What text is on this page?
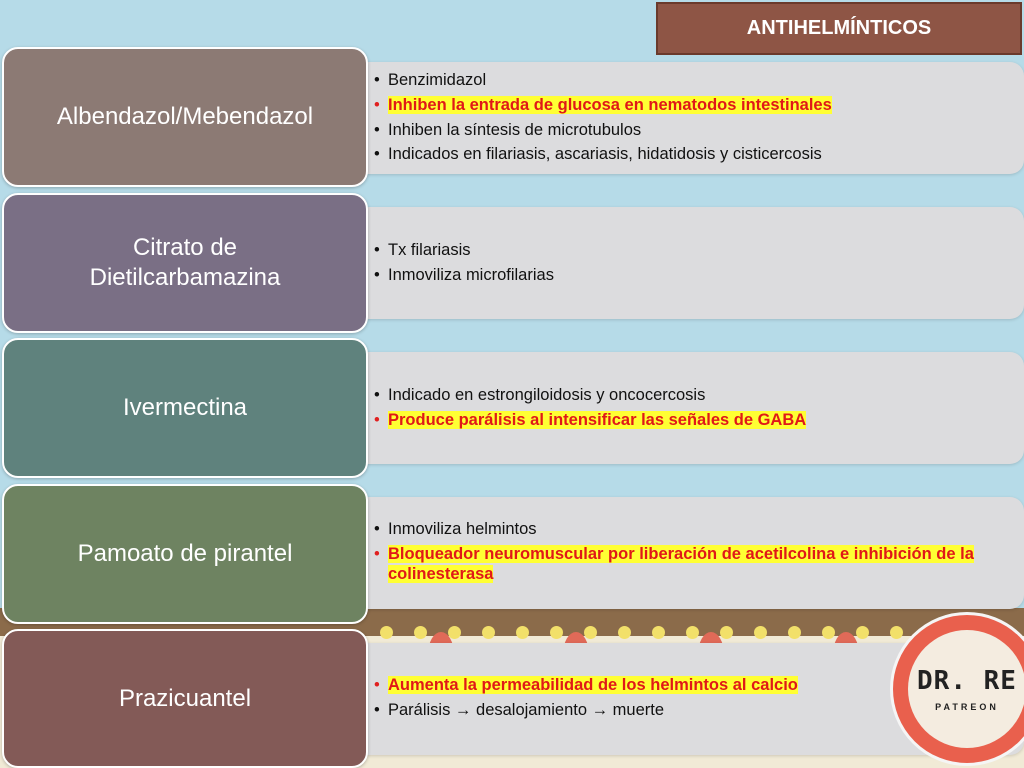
ANTIHELMÍNTICOS
Albendazol/Mebendazol
• Benzimidazol
• Inhiben la entrada de glucosa en nematodos intestinales
• Inhiben la síntesis de microtubulos
• Indicados en filariasis, ascariasis, hidatidosis y cisticercosis
Citrato de Dietilcarbamazina
• Tx filariasis
• Inmoviliza microfilarias
Ivermectina	• Indicado en estrongiloidosis y oncocercosis
• Produce parálisis al intensificar las señales de GABA
Pamoato de pirantel
• Inmoviliza helmintos
• Bloqueador neuromuscular por liberación de acetilcolina e inhibición de la colinesterasa
Prazicuantel	• Aumenta la permeabilidad de los helmintos al calcio
• Parálisis → desalojamiento → muerte
DR. RE
PATREON
